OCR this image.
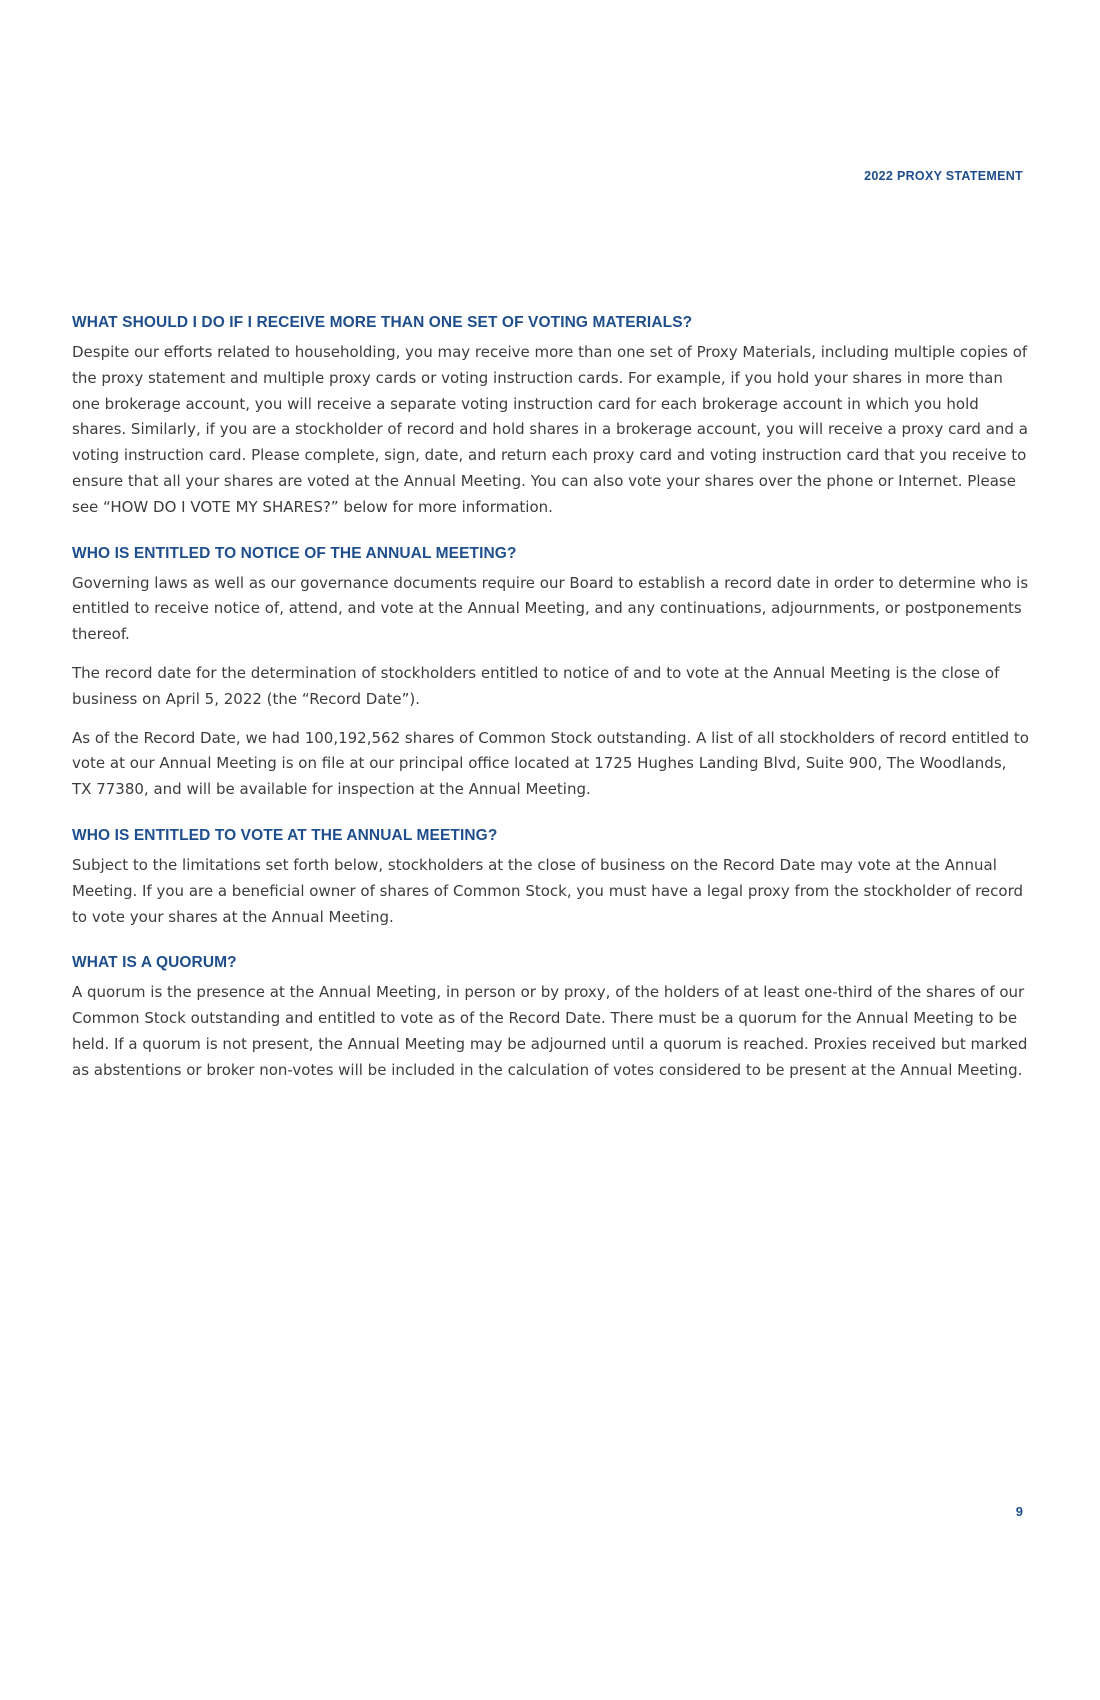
2022 PROXY STATEMENT
WHAT SHOULD I DO IF I RECEIVE MORE THAN ONE SET OF VOTING MATERIALS?

Despite our efforts related to householding, you may receive more than one set of Proxy Materials, including multiple copies of the proxy statement and multiple proxy cards or voting instruction cards. For example, if you hold your shares in more than one brokerage account, you will receive a separate voting instruction card for each brokerage account in which you hold shares. Similarly, if you are a stockholder of record and hold shares in a brokerage account, you will receive a proxy card and a voting instruction card. Please complete, sign, date, and return each proxy card and voting instruction card that you receive to ensure that all your shares are voted at the Annual Meeting. You can also vote your shares over the phone or Internet. Please see “HOW DO I VOTE MY SHARES?” below for more information.

WHO IS ENTITLED TO NOTICE OF THE ANNUAL MEETING?

Governing laws as well as our governance documents require our Board to establish a record date in order to determine who is entitled to receive notice of, attend, and vote at the Annual Meeting, and any continuations, adjournments, or postponements thereof.

The record date for the determination of stockholders entitled to notice of and to vote at the Annual Meeting is the close of business on April 5, 2022 (the “Record Date”).

As of the Record Date, we had 100,192,562 shares of Common Stock outstanding. A list of all stockholders of record entitled to vote at our Annual Meeting is on file at our principal office located at 1725 Hughes Landing Blvd, Suite 900, The Woodlands, TX 77380, and will be available for inspection at the Annual Meeting.

WHO IS ENTITLED TO VOTE AT THE ANNUAL MEETING?

Subject to the limitations set forth below, stockholders at the close of business on the Record Date may vote at the Annual Meeting. If you are a beneficial owner of shares of Common Stock, you must have a legal proxy from the stockholder of record to vote your shares at the Annual Meeting.

WHAT IS A QUORUM?

A quorum is the presence at the Annual Meeting, in person or by proxy, of the holders of at least one-third of the shares of our Common Stock outstanding and entitled to vote as of the Record Date. There must be a quorum for the Annual Meeting to be held. If a quorum is not present, the Annual Meeting may be adjourned until a quorum is reached. Proxies received but marked as abstentions or broker non-votes will be included in the calculation of votes considered to be present at the Annual Meeting.

9
